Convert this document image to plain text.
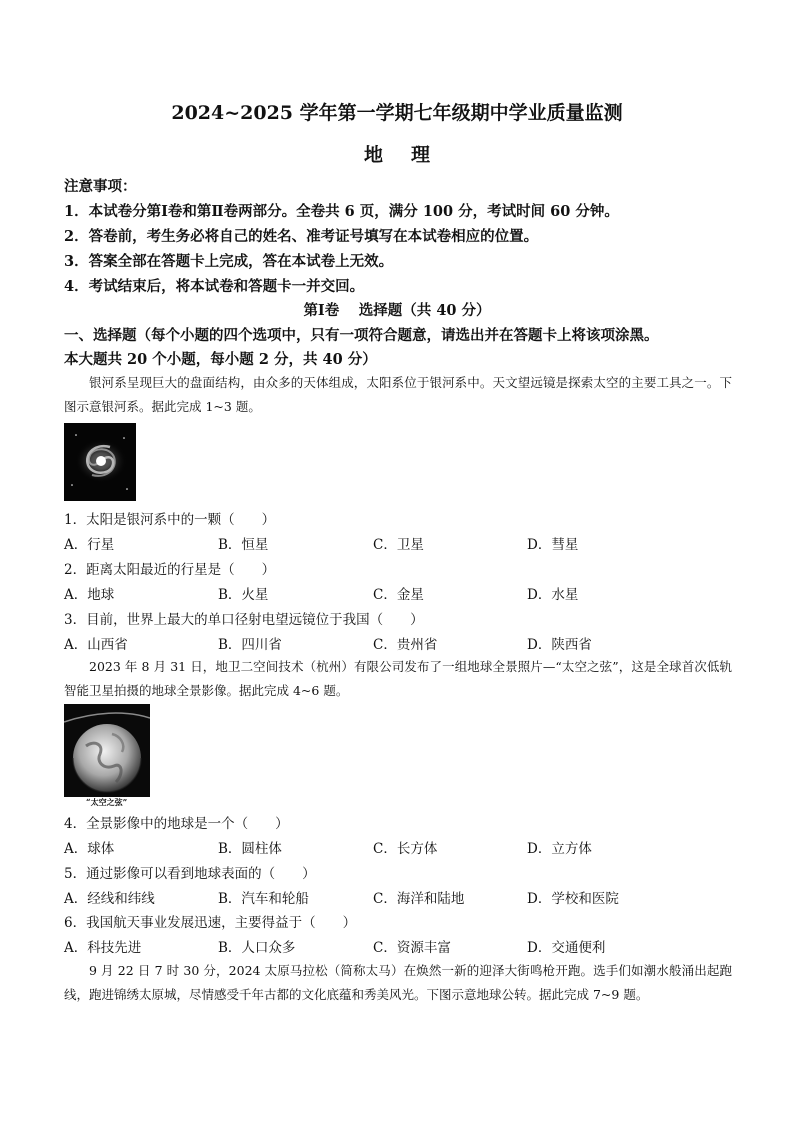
2024~2025 学年第一学期七年级期中学业质量监测
地理
注意事项：
1．本试卷分第Ⅰ卷和第Ⅱ卷两部分。全卷共 6 页，满分 100 分，考试时间 60 分钟。
2．答卷前，考生务必将自己的姓名、准考证号填写在本试卷相应的位置。
3．答案全部在答题卡上完成，答在本试卷上无效。
4．考试结束后，将本试卷和答题卡一并交回。
第Ⅰ卷　 选择题（共 40 分）
一、选择题（每个小题的四个选项中，只有一项符合题意，请选出并在答题卡上将该项涂黑。
本大题共 20 个小题，每小题 2 分，共 40 分）
银河系呈现巨大的盘面结构，由众多的天体组成，太阳系位于银河系中。天文望远镜是探索太空的主要工具之一。下图示意银河系。据此完成 1~3 题。
1．太阳是银河系中的一颗（　　）
A．行星	B．恒星	C．卫星	D．彗星
2．距离太阳最近的行星是（　　）
A．地球	B．火星	C．金星	D．水星
3．目前，世界上最大的单口径射电望远镜位于我国（　　）
A．山西省	B．四川省	C．贵州省	D．陕西省
2023 年 8 月 31 日，地卫二空间技术（杭州）有限公司发布了一组地球全景照片—“太空之弦”，这是全球首次低轨智能卫星拍摄的地球全景影像。据此完成 4~6 题。
“太空之弦”
4．全景影像中的地球是一个（　　）
A．球体	B．圆柱体	C．长方体	D．立方体
5．通过影像可以看到地球表面的（　　）
A．经线和纬线	B．汽车和轮船	C．海洋和陆地	D．学校和医院
6．我国航天事业发展迅速，主要得益于（　　）
A．科技先进	B．人口众多	C．资源丰富	D．交通便利
9 月 22 日 7 时 30 分，2024 太原马拉松（简称太马）在焕然一新的迎泽大街鸣枪开跑。选手们如潮水般涌出起跑线，跑进锦绣太原城，尽情感受千年古都的文化底蕴和秀美风光。下图示意地球公转。据此完成 7~9 题。
